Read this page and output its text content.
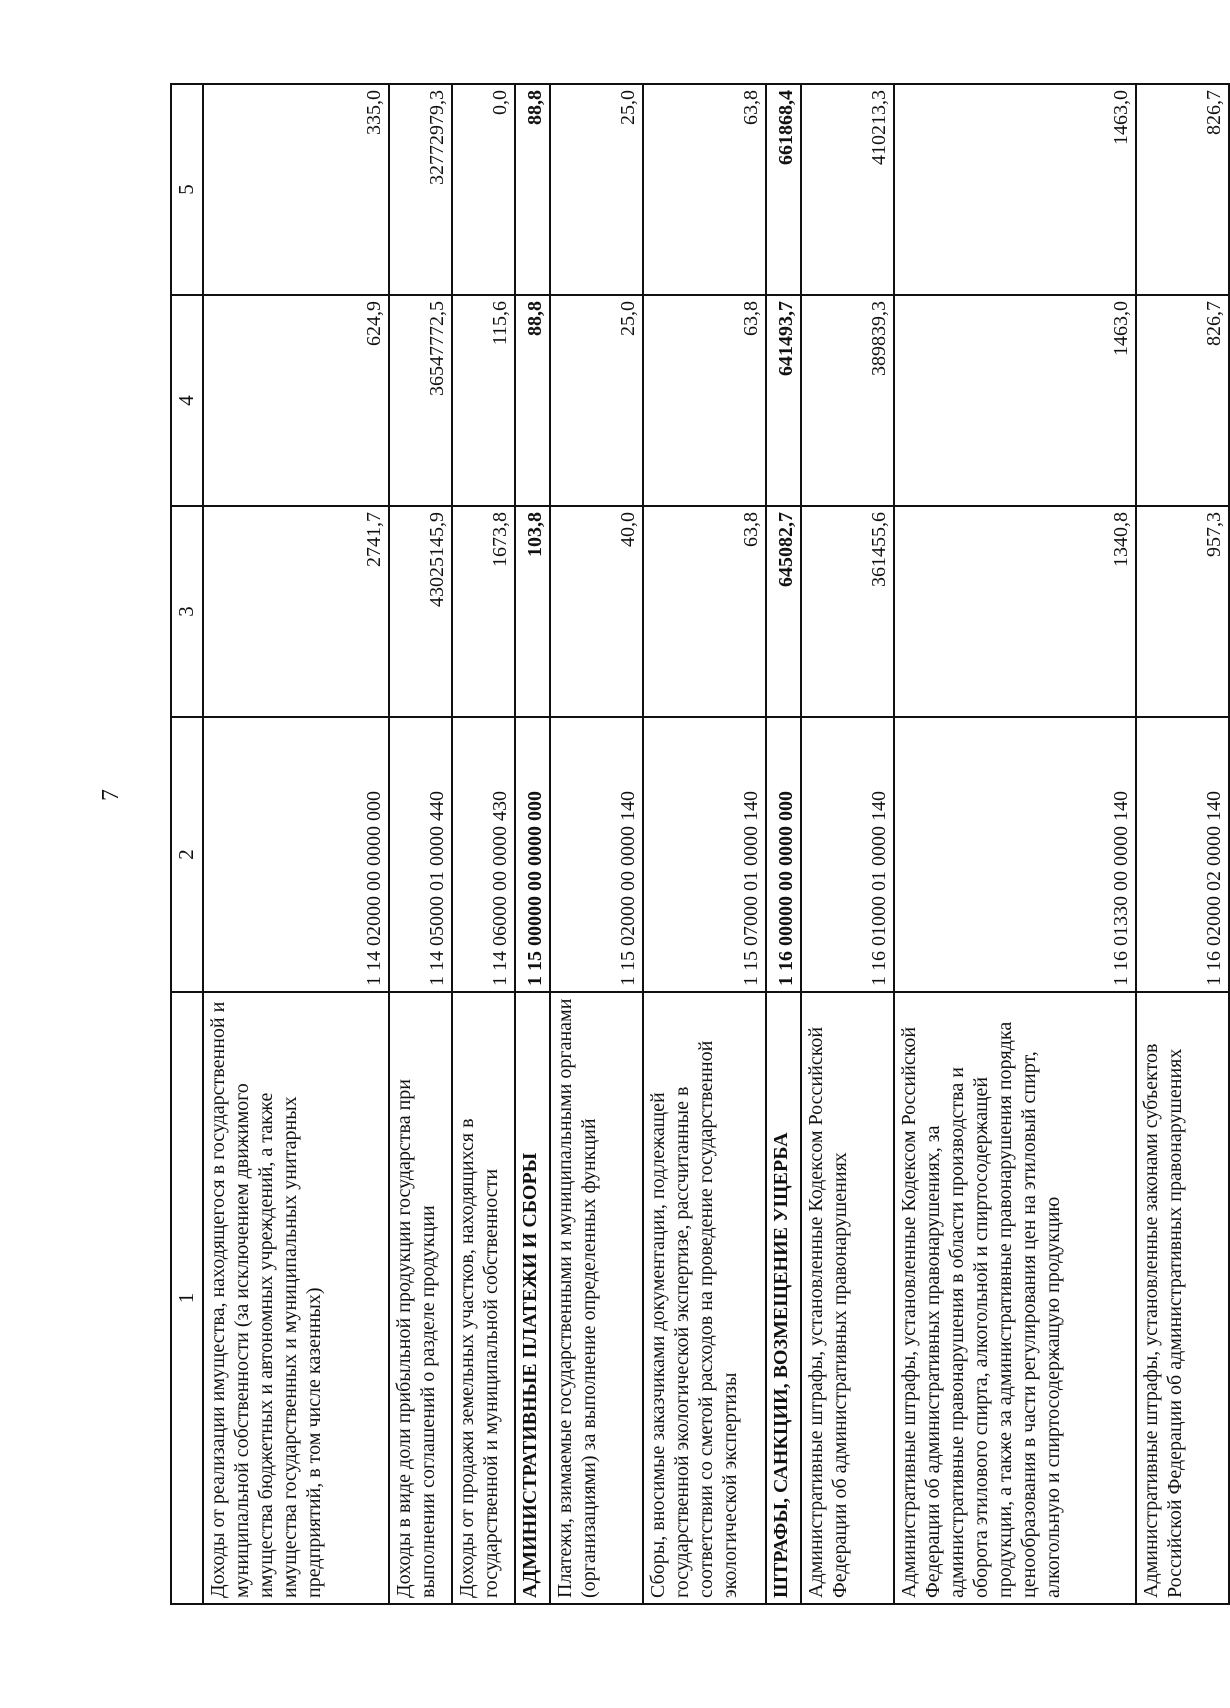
7
1	2	3	4	5
Доходы от реализации имущества, находящегося в государственной и муниципальной собственности (за исключением движимого имущества бюджетных и автономных учреждений, а также имущества государственных и муниципальных унитарных предприятий, в том числе казенных)	1 14 02000 00 0000 000	2741,7	624,9	335,0
Доходы в виде доли прибыльной продукции государства при выполнении соглашений о разделе продукции	1 14 05000 01 0000 440	43025145,9	36547772,5	32772979,3
Доходы от продажи земельных участков, находящихся в государственной и муниципальной собственности	1 14 06000 00 0000 430	1673,8	115,6	0,0
АДМИНИСТРАТИВНЫЕ ПЛАТЕЖИ И СБОРЫ	1 15 00000 00 0000 000	103,8	88,8	88,8
Платежи, взимаемые государственными и муниципальными органами (организациями) за выполнение определенных функций	1 15 02000 00 0000 140	40,0	25,0	25,0
Сборы, вносимые заказчиками документации, подлежащей государственной экологической экспертизе, рассчитанные в соответствии со сметой расходов на проведение государственной экологической экспертизы	1 15 07000 01 0000 140	63,8	63,8	63,8
ШТРАФЫ, САНКЦИИ, ВОЗМЕЩЕНИЕ УЩЕРБА	1 16 00000 00 0000 000	645082,7	641493,7	661868,4
Административные штрафы, установленные Кодексом Российской Федерации об административных правонарушениях	1 16 01000 01 0000 140	361455,6	389839,3	410213,3
Административные штрафы, установленные Кодексом Российской Федерации об административных правонарушениях, за административные правонарушения в области производства и оборота этилового спирта, алкогольной и спиртосодержащей продукции, а также за административные правонарушения порядка ценообразования в части регулирования цен на этиловый спирт, алкогольную и спиртосодержащую продукцию	1 16 01330 00 0000 140	1340,8	1463,0	1463,0
Административные штрафы, установленные законами субъектов Российской Федерации об административных правонарушениях	1 16 02000 02 0000 140	957,3	826,7	826,7
